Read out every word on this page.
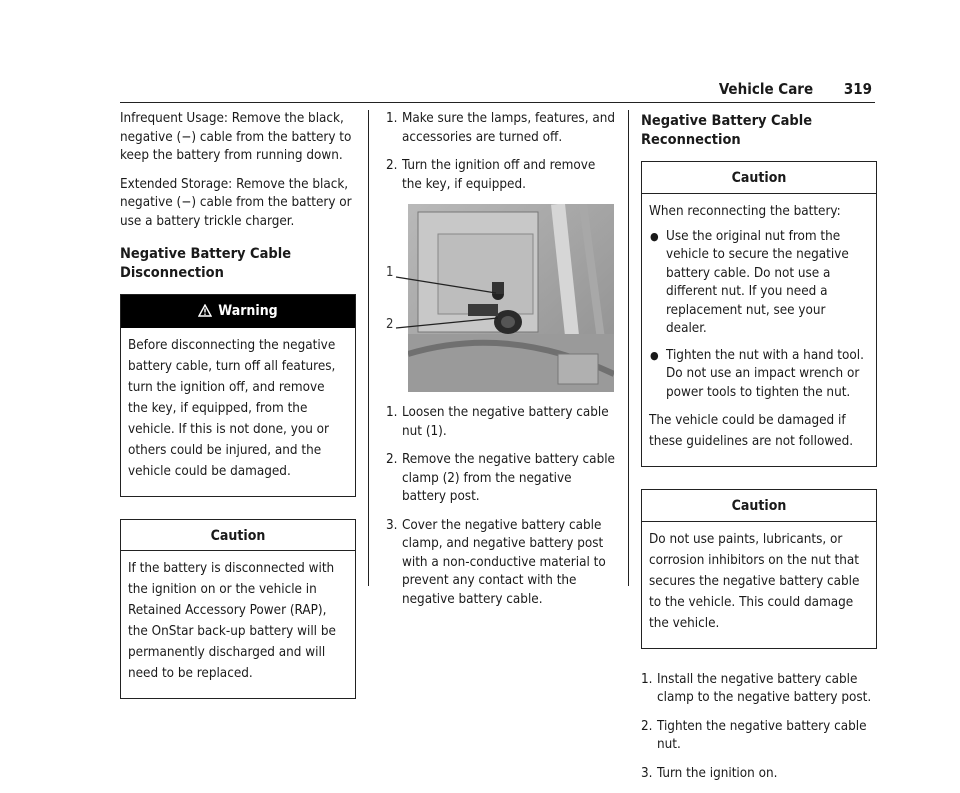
Vehicle Care 319

Infrequent Usage: Remove the black, negative (−) cable from the battery to keep the battery from running down.

Extended Storage: Remove the black, negative (−) cable from the battery or use a battery trickle charger.

Negative Battery Cable Disconnection
Warning

Before disconnecting the negative battery cable, turn off all features, turn the ignition off, and remove the key, if equipped, from the vehicle. If this is not done, you or others could be injured, and the vehicle could be damaged.

Caution

If the battery is disconnected with the ignition on or the vehicle in Retained Accessory Power (RAP), the OnStar back-up battery will be permanently discharged and will need to be replaced.

1. Make sure the lamps, features, and accessories are turned off.
2. Turn the ignition off and remove the key, if equipped.
1
2
1. Loosen the negative battery cable nut (1).
2. Remove the negative battery cable clamp (2) from the negative battery post.
3. Cover the negative battery cable clamp, and negative battery post with a non-conductive material to prevent any contact with the negative battery cable.
Negative Battery Cable Reconnection
Caution

When reconnecting the battery:

● Use the original nut from the vehicle to secure the negative battery cable. Do not use a different nut. If you need a replacement nut, see your dealer.
● Tighten the nut with a hand tool. Do not use an impact wrench or power tools to tighten the nut.

The vehicle could be damaged if these guidelines are not followed.

Caution

Do not use paints, lubricants, or corrosion inhibitors on the nut that secures the negative battery cable to the vehicle. This could damage the vehicle.

1. Install the negative battery cable clamp to the negative battery post.
2. Tighten the negative battery cable nut.
3. Turn the ignition on.
